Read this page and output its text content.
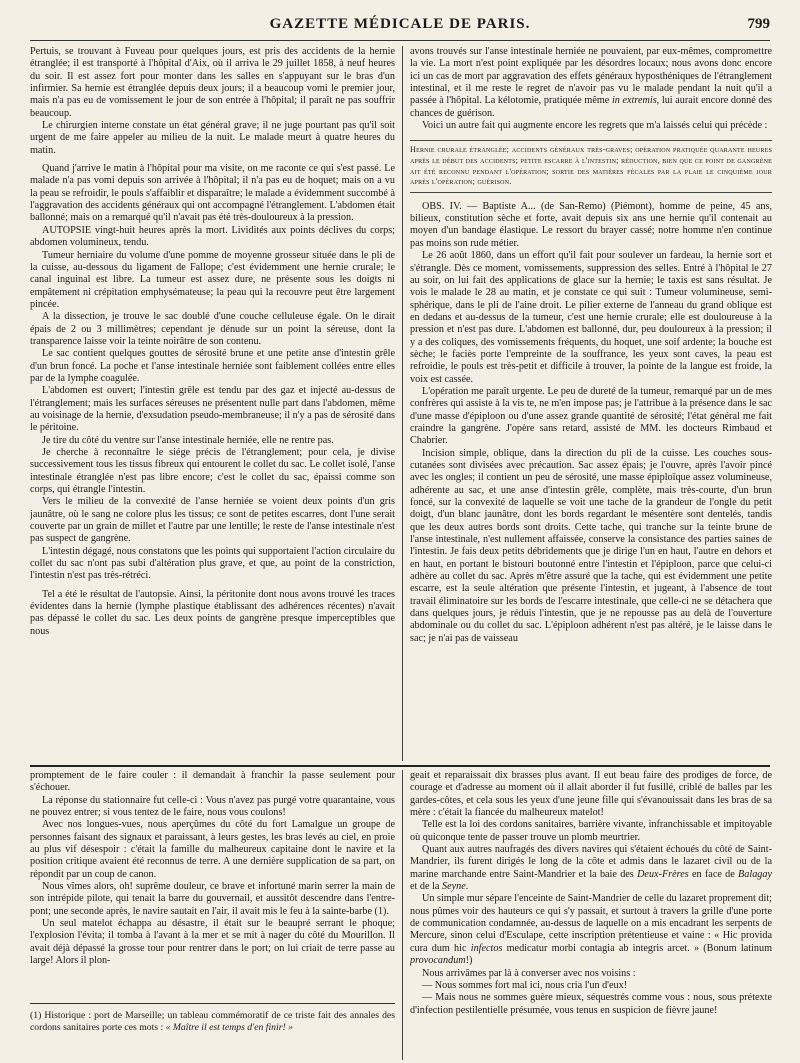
GAZETTE MÉDICALE DE PARIS.	799

Pertuis, se trouvant à Fuveau pour quelques jours, est pris des accidents de la hernie étranglée; il est transporté à l'hôpital d'Aix, où il arriva le 29 juillet 1858, à neuf heures du soir. Il est assez fort pour monter dans les salles en s'appuyant sur le bras d'un infirmier. Sa hernie est étranglée depuis deux jours; il a beaucoup vomi le premier jour, mais n'a pas eu de vomissement le jour de son entrée à l'hôpital; il paraît ne pas souffrir beaucoup.

Le chirurgien interne constate un état général grave; il ne juge pourtant pas qu'il soit urgent de me faire appeler au milieu de la nuit. Le malade meurt à quatre heures du matin.

Quand j'arrive le matin à l'hôpital pour ma visite, on me raconte ce qui s'est passé. Le malade n'a pas vomi depuis son arrivée à l'hôpital; il n'a pas eu de hoquet; mais on a vu la peau se refroidir, le pouls s'affaiblir et disparaître; le malade a évidemment succombé à l'aggravation des accidents généraux qui ont accompagné l'étranglement. L'abdomen était ballonné; mais on a remarqué qu'il n'avait pas été très-douloureux à la pression.

AUTOPSIE vingt-huit heures après la mort. Lividités aux points déclives du corps; abdomen volumineux, tendu.

Tumeur herniaire du volume d'une pomme de moyenne grosseur située dans le pli de la cuisse, au-dessous du ligament de Fallope; c'est évidemment une hernie crurale; le canal inguinal est libre. La tumeur est assez dure, ne présente sous les doigts ni empâtement ni crépitation emphysémateuse; la peau qui la recouvre peut être largement pincée.

A la dissection, je trouve le sac doublé d'une couche celluleuse égale. On le dirait épais de 2 ou 3 millimètres; cependant je dénude sur un point la séreuse, dont la transparence laisse voir la teinte noirâtre de son contenu.

Le sac contient quelques gouttes de sérosité brune et une petite anse d'intestin grêle d'un brun foncé. La poche et l'anse intestinale herniée sont faiblement collées entre elles par de la lymphe coagulée.

L'abdomen est ouvert; l'intestin grêle est tendu par des gaz et injecté au-dessus de l'étranglement; mais les surfaces séreuses ne présentent nulle part dans l'abdomen, même au voisinage de la hernie, d'exsudation pseudo-membraneuse; il n'y a pas de sérosité dans le péritoine.

Je tire du côté du ventre sur l'anse intestinale herniée, elle ne rentre pas.

Je cherche à reconnaître le siége précis de l'étranglement; pour cela, je divise successivement tous les tissus fibreux qui entourent le collet du sac. Le collet isolé, l'anse intestinale étranglée n'est pas libre encore; c'est le collet du sac, épaissi comme son corps, qui étrangle l'intestin.

Vers le milieu de la convexité de l'anse herniée se voient deux points d'un gris jaunâtre, où le sang ne colore plus les tissus; ce sont de petites escarres, dont l'une serait couverte par un grain de millet et l'autre par une lentille; le reste de l'anse intestinale n'est pas suspect de gangrène.

L'intestin dégagé, nous constatons que les points qui supportaient l'action circulaire du collet du sac n'ont pas subi d'altération plus grave, et que, au point de la constriction, l'intestin n'est pas très-rétréci.

Tel a été le résultat de l'autopsie. Ainsi, la péritonite dont nous avons trouvé les traces évidentes dans la hernie (lymphe plastique établissant des adhérences récentes) n'avait pas dépassé le collet du sac. Les deux points de gangrène presque imperceptibles que nous

avons trouvés sur l'anse intestinale herniée ne pouvaient, par eux-mêmes, compromettre la vie. La mort n'est point expliquée par les désordres locaux; nous avons donc encore ici un cas de mort par aggravation des effets généraux hyposthéniques de l'étranglement intestinal, et il me reste le regret de n'avoir pas vu le malade pendant la nuit qu'il a passée à l'hôpital. La kélotomie, pratiquée même in extremis, lui aurait encore donné des chances de guérison.

Voici un autre fait qui augmente encore les regrets que m'a laissés celui qui précède :

Hernie crurale étranglée; accidents généraux très-graves; opération pratiquée quarante heures après le début des accidents; petite escarre à l'intestin; réduction, bien que ce point de gangrène ait été reconnu pendant l'opération; sortie des matières fécales par la plaie le cinquième jour après l'opération; guérison.

OBS. IV. — Baptiste A... (de San-Remo) (Piémont), homme de peine, 45 ans, bilieux, constitution sèche et forte, avait depuis six ans une hernie qu'il contenait au moyen d'un bandage élastique. Le ressort du brayer cassé; notre homme n'en continue pas moins son rude métier.

Le 26 août 1860, dans un effort qu'il fait pour soulever un fardeau, la hernie sort et s'étrangle. Dès ce moment, vomissements, suppression des selles. Entré à l'hôpital le 27 au soir, on lui fait des applications de glace sur la hernie; le taxis est sans résultat. Je vois le malade le 28 au matin, et je constate ce qui suit : Tumeur volumineuse, semi-sphérique, dans le pli de l'aine droit. Le pilier externe de l'anneau du grand oblique est en dedans et au-dessus de la tumeur, c'est une hernie crurale; elle est douloureuse à la pression et n'est pas dure. L'abdomen est ballonné, dur, peu douloureux à la pression; il y a des coliques, des vomissements fréquents, du hoquet, une soif ardente; la bouche est sèche; le faciès porte l'empreinte de la souffrance, les yeux sont caves, la peau est refroidie, le pouls est très-petit et difficile à trouver, la pointe de la langue est froide, la voix est cassée.

L'opération me paraît urgente. Le peu de dureté de la tumeur, remarqué par un de mes confrères qui assiste à la vis te, ne m'en impose pas; je l'attribue à la présence dans le sac d'une masse d'épiploon ou d'une assez grande quantité de sérosité; l'état général me fait craindre la gangrène. J'opère sans retard, assisté de MM. les docteurs Rimbaud et Chabrier.

Incision simple, oblique, dans la direction du pli de la cuisse. Les couches sous-cutanées sont divisées avec précaution. Sac assez épais; je l'ouvre, après l'avoir pincé avec les ongles; il contient un peu de sérosité, une masse épiploïque assez volumineuse, adhérente au sac, et une anse d'intestin grêle, complète, mais très-courte, d'un brun foncé, sur la convexité de laquelle se voit une tache de la grandeur de l'ongle du petit doigt, d'un blanc jaunâtre, dont les bords regardant le mésentère sont dentelés, tandis que les deux autres bords sont droits. Cette tache, qui tranche sur la teinte brune de l'anse intestinale, n'est nullement affaissée, conserve la consistance des parties saines de l'intestin. Je fais deux petits débridements que je dirige l'un en haut, l'autre en dehors et en haut, en portant le bistouri boutonné entre l'intestin et l'épiploon, parce que celui-ci adhère au collet du sac. Après m'être assuré que la tache, qui est évidemment une petite escarre, est la seule altération que présente l'intestin, et jugeant, à l'absence de tout travail éliminatoire sur les bords de l'escarre intestinale, que celle-ci ne se détachera que dans quelques jours, je réduis l'intestin, que je ne repousse pas au delà de l'ouverture abdominale ou du collet du sac. L'épiploon adhérent n'est pas altéré, je le laisse dans le sac; je n'ai pas de vaisseau

promptement de le faire couler : il demandait à franchir la passe seulement pour s'échouer.

La réponse du stationnaire fut celle-ci : Vous n'avez pas purgé votre quarantaine, vous ne pouvez entrer; si vous tentez de le faire, nous vous coulons!

Avec nos longues-vues, nous aperçûmes du côté du fort Lamalgue un groupe de personnes faisant des signaux et paraissant, à leurs gestes, les bras levés au ciel, en proie au plus vif désespoir : c'était la famille du malheureux capitaine dont le navire et la position critique avaient été reconnus de terre. A une dernière supplication de sa part, on répondit par un coup de canon.

Nous vîmes alors, oh! suprême douleur, ce brave et infortuné marin serrer la main de son intrépide pilote, qui tenait la barre du gouvernail, et aussitôt descendre dans l'entre-pont; une seconde après, le navire sautait en l'air, il avait mis le feu à la sainte-barbe (1).

Un seul matelot échappa au désastre, il était sur le beaupré serrant le phoque; l'explosion l'évita; il tomba à l'avant à la mer et se mit à nager du côté du Mourillon. Il avait déjà dépassé la grosse tour pour rentrer dans le port; on lui criait de terre passe au large! Alors il plon-

(1) Historique : port de Marseille; un tableau commémoratif de ce triste fait des annales des cordons sanitaires porte ces mots : « Maître il est temps d'en finir! »

geait et reparaissait dix brasses plus avant. Il eut beau faire des prodiges de force, de courage et d'adresse au moment où il allait aborder il fut fusillé, criblé de balles par les gardes-côtes, et cela sous les yeux d'une jeune fille qui s'évanouissait dans les bras de sa mère : c'était la fiancée du malheureux matelot!

Telle est la loi des cordons sanitaires, barrière vivante, infranchissable et impitoyable où quiconque tente de passer trouve un plomb meurtrier.

Quant aux autres naufragés des divers navires qui s'étaient échoués du côté de Saint-Mandrier, ils furent dirigés le long de la côte et admis dans le lazaret civil ou de la marine marchande entre Saint-Mandrier et la baie des Deux-Frères en face de Balagay et de la Seyne.

Un simple mur sépare l'enceinte de Saint-Mandrier de celle du lazaret proprement dit; nous pûmes voir des hauteurs ce qui s'y passait, et surtout à travers la grille d'une porte de communication condamnée, au-dessus de laquelle on a mis encadrant les serpents de Mercure, sinon celui d'Esculape, cette inscription prétentieuse et vaine : « Hic provida cura dum hic infectos medicatur morbi contagia ab integris arcet. » (Bonum latinum provocandum!)

Nous arrivâmes par là à converser avec nos voisins :

— Nous sommes fort mal ici, nous cria l'un d'eux!

— Mais nous ne sommes guère mieux, séquestrés comme vous : nous, sous prétexte d'infection pestilentielle présumée, vous tenus en suspicion de fièvre jaune!
